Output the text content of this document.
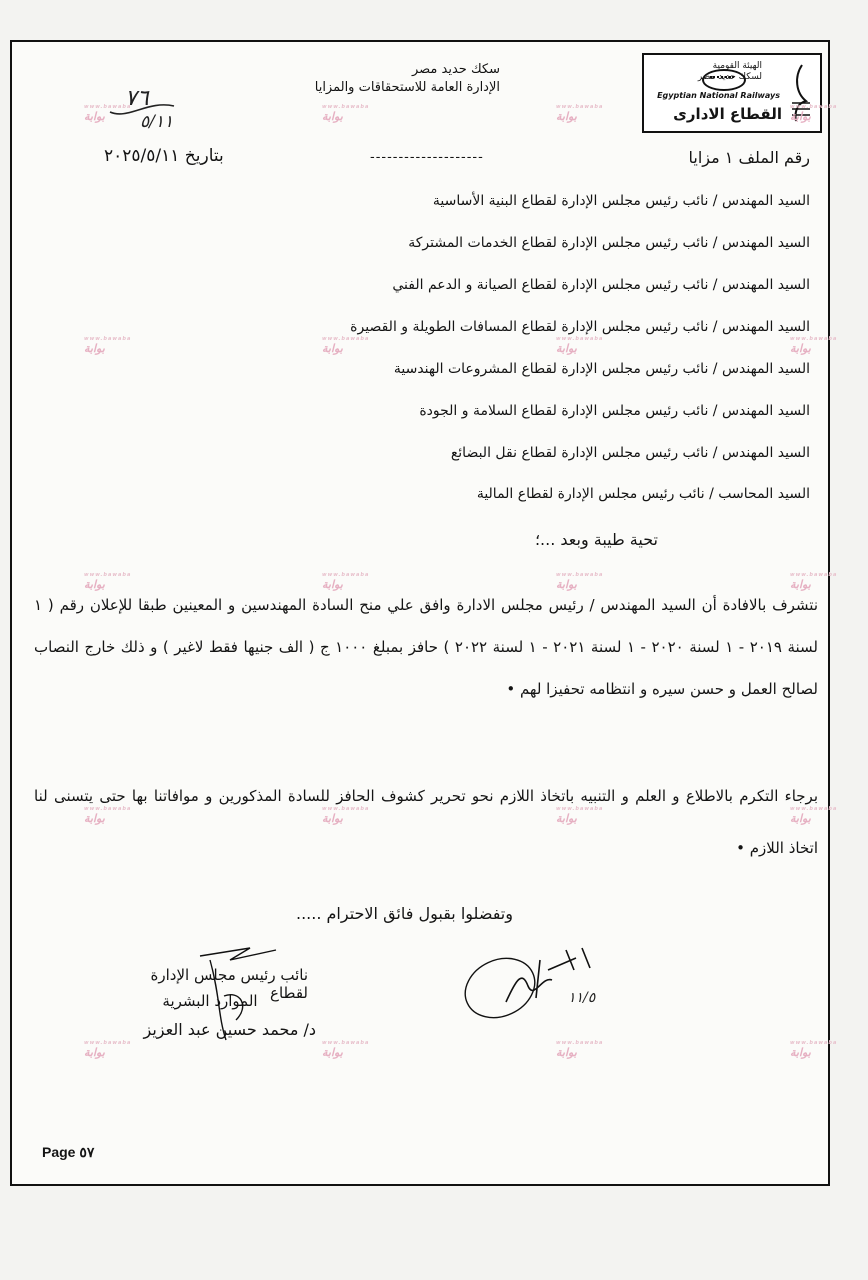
الهيئة القومية
لسكك حديد مصر
Egyptian National Railways
القطاع الادارى
سكك حديد مصر
الإدارة العامة للاستحقاقات والمزايا
٧٦
٥/١١
رقم الملف ١ مزايا
--------------------
بتاريخ ٢٠٢٥/٥/١١
السيد المهندس / نائب رئيس مجلس الإدارة لقطاع البنية الأساسية
السيد المهندس / نائب رئيس مجلس الإدارة لقطاع الخدمات المشتركة
السيد المهندس / نائب رئيس مجلس الإدارة لقطاع الصيانة و الدعم الفني
السيد المهندس / نائب رئيس مجلس الإدارة لقطاع المسافات الطويلة و القصيرة
السيد المهندس / نائب رئيس مجلس الإدارة لقطاع المشروعات الهندسية
السيد المهندس / نائب رئيس مجلس الإدارة لقطاع السلامة و الجودة
السيد المهندس / نائب رئيس مجلس الإدارة لقطاع نقل البضائع
السيد المحاسب / نائب رئيس مجلس الإدارة لقطاع المالية
تحية طيبة وبعد ...؛
نتشرف بالافادة أن السيد المهندس / رئيس مجلس الادارة وافق علي منح السادة المهندسين و المعينين طبقا للإعلان رقم ( ١ لسنة ٢٠١٩ - ١ لسنة ٢٠٢٠ - ١ لسنة ٢٠٢١ - ١ لسنة ٢٠٢٢ ) حافز بمبلغ ١٠٠٠ ج ( الف جنيها فقط لاغير ) و ذلك خارج النصاب لصالح العمل و حسن سيره و انتظامه تحفيزا لهم •
برجاء التكرم بالاطلاع و العلم و التنبيه باتخاذ اللازم نحو تحرير كشوف الحافز للسادة المذكورين و موافاتنا بها حتى يتسنى لنا اتخاذ اللازم •
وتفضلوا بقبول فائق الاحترام .....
نائب رئيس مجلس الإدارة لقطاع
الموارد البشرية
د/ محمد حسين عبد العزيز
١١/٥
Page ٥٧
www.bawaba
بوابة
www.bawaba
بوابة
www.bawaba
بوابة
www.bawaba
بوابة
www.bawaba
بوابة
www.bawaba
بوابة
www.bawaba
بوابة
www.bawaba
بوابة
www.bawaba
بوابة
www.bawaba
بوابة
www.bawaba
بوابة
www.bawaba
بوابة
www.bawaba
بوابة
www.bawaba
بوابة
www.bawaba
بوابة
www.bawaba
بوابة
www.bawaba
بوابة
www.bawaba
بوابة
www.bawaba
بوابة
www.bawaba
بوابة
